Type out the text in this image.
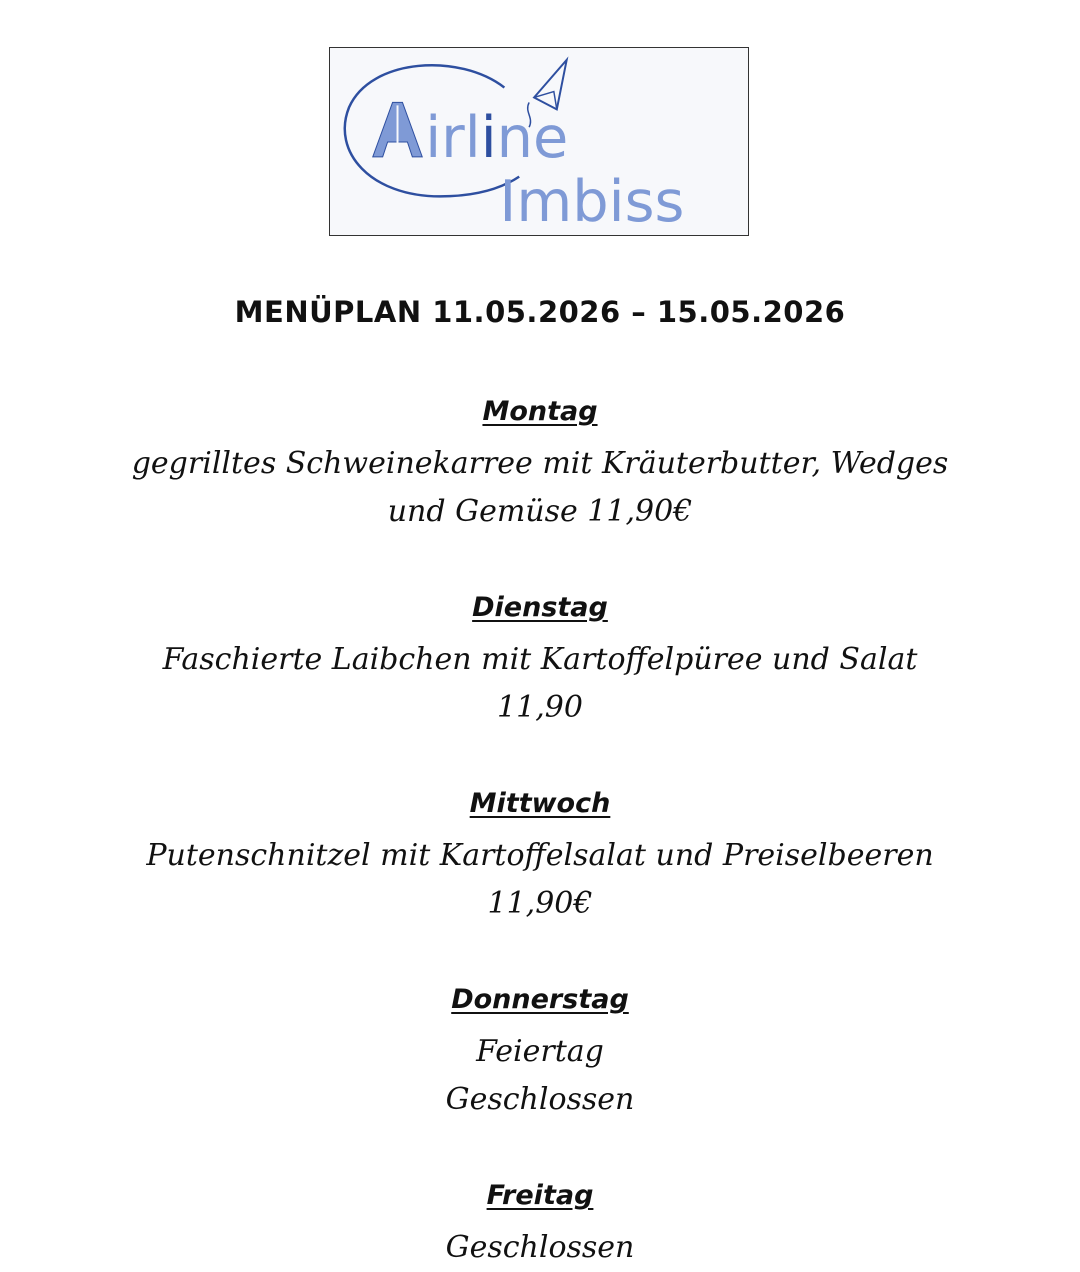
irline
Imbiss
MENÜPLAN 11.05.2026 – 15.05.2026
Montag
gegrilltes Schweinekarree mit Kräuterbutter, Wedges
und Gemüse 11,90€
Dienstag
Faschierte Laibchen mit Kartoffelpüree und Salat
11,90
Mittwoch
Putenschnitzel mit Kartoffelsalat und Preiselbeeren
11,90€
Donnerstag
Feiertag
Geschlossen
Freitag
Geschlossen
